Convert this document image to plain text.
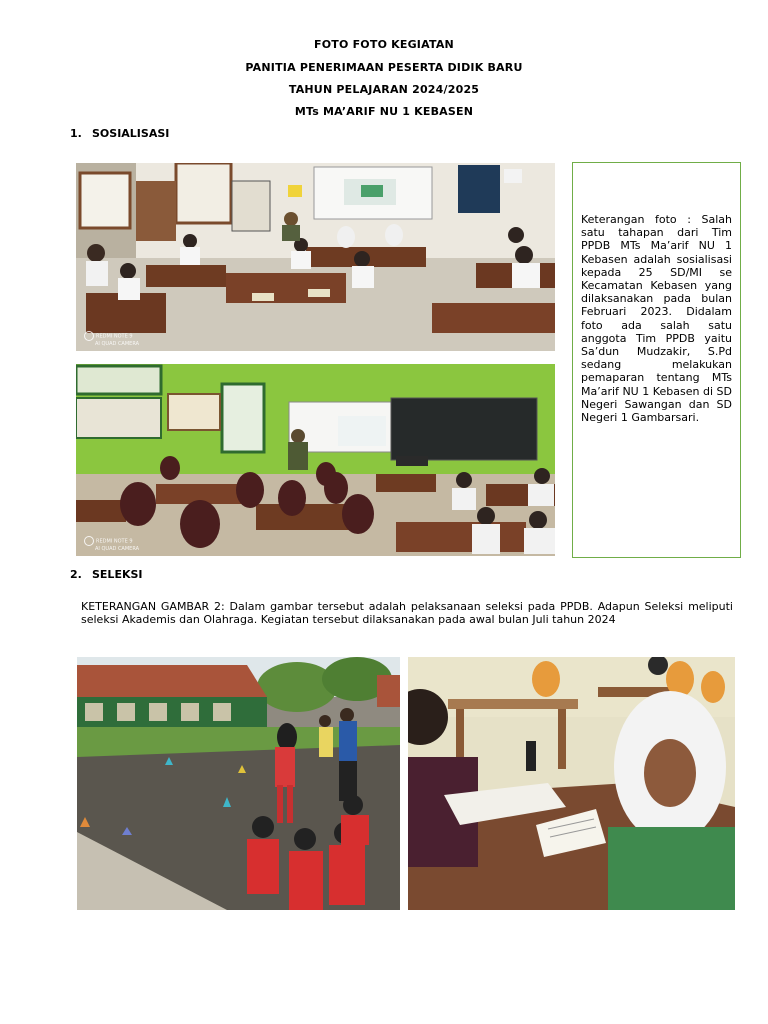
FOTO FOTO KEGIATAN
PANITIA PENERIMAAN PESERTA DIDIK BARU
TAHUN PELAJARAN 2024/2025
MTs MA’ARIF NU 1 KEBASEN
1. SOSIALISASI
REDMI NOTE 9
AI QUAD CAMERA
REDMI NOTE 9
AI QUAD CAMERA
Keterangan foto : Salah satu tahapan dari Tim PPDB MTs Ma’arif NU 1 Kebasen adalah sosialisasi kepada 25 SD/MI se Kecamatan Kebasen yang dilaksanakan pada bulan Februari 2023. Didalam foto ada salah satu anggota Tim PPDB yaitu Sa’dun Mudzakir, S.Pd sedang melakukan pemaparan tentang MTs Ma’arif NU 1 Kebasen di SD Negeri Sawangan dan SD Negeri 1 Gambarsari.
2. SELEKSI
KETERANGAN GAMBAR 2: Dalam gambar tersebut adalah pelaksanaan seleksi pada PPDB. Adapun Seleksi meliputi seleksi Akademis dan Olahraga. Kegiatan tersebut dilaksanakan pada awal bulan Juli tahun 2024
